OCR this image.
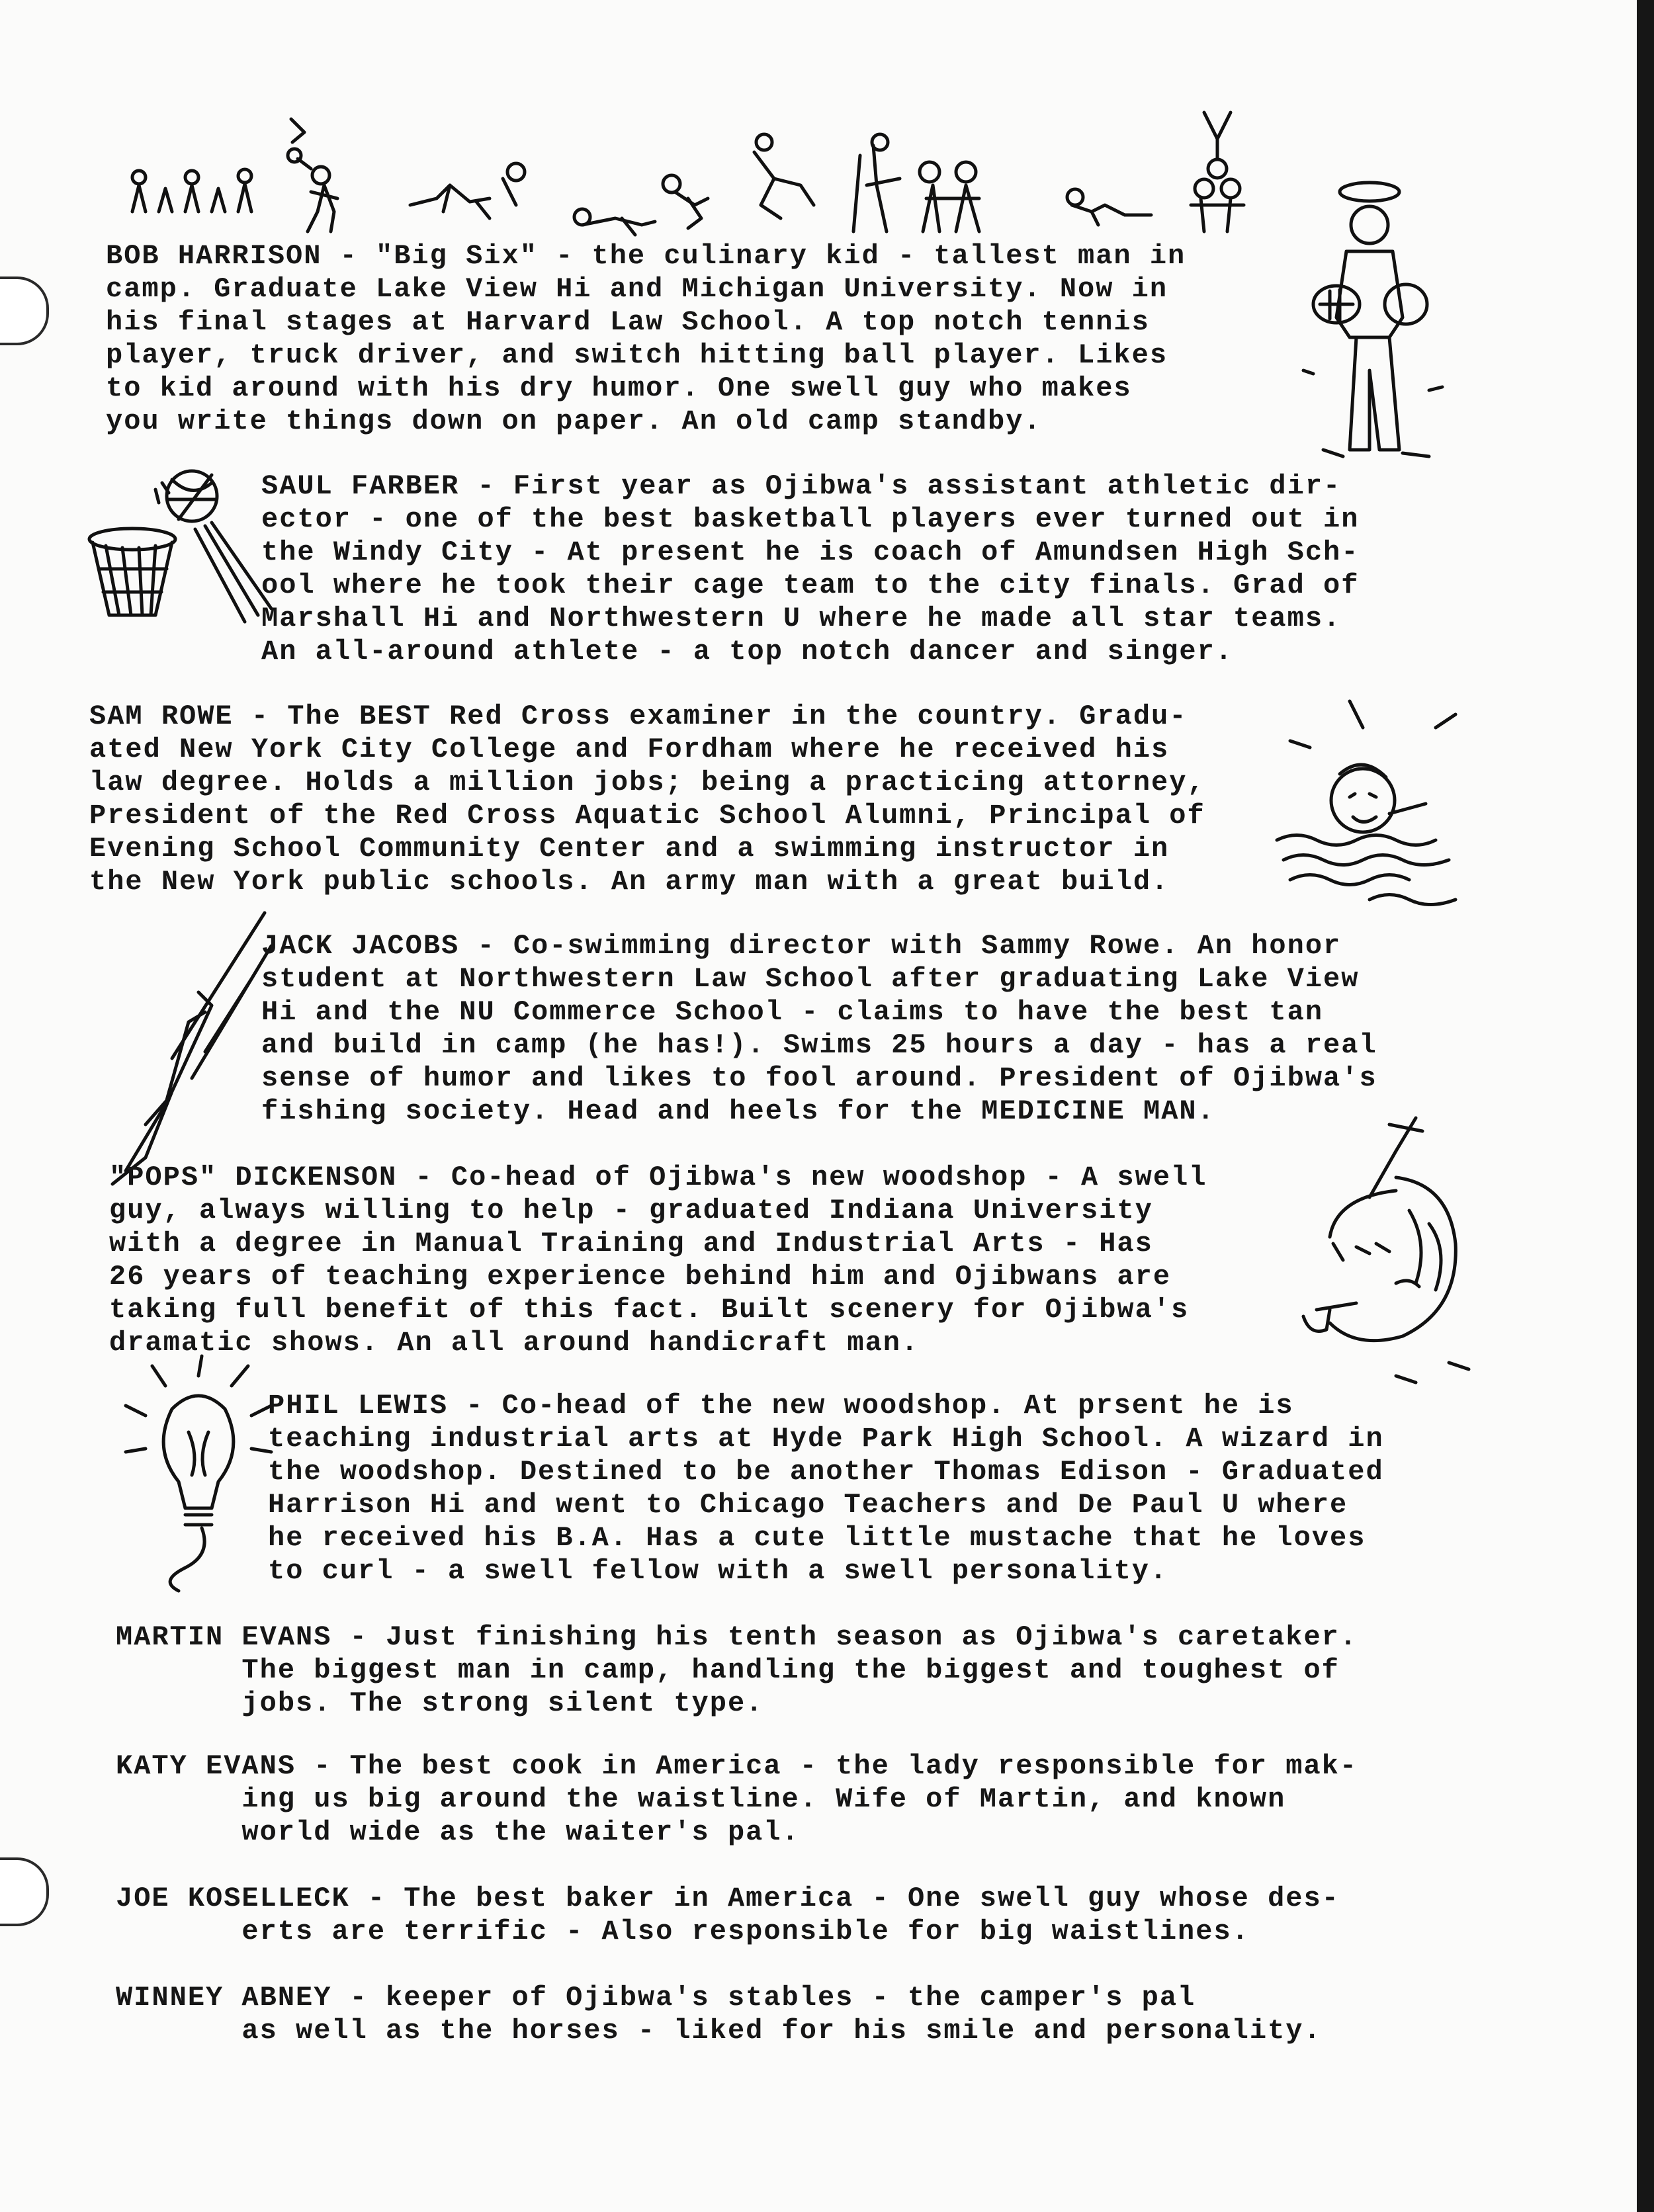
BOB HARRISON - "Big Six" - the culinary kid - tallest man in

camp. Graduate Lake View Hi and Michigan University. Now in

his final stages at Harvard Law School. A top notch tennis

player, truck driver, and switch hitting ball player. Likes

to kid around with his dry humor. One swell guy who makes

you write things down on paper. An old camp standby.

SAUL FARBER - First year as Ojibwa's assistant athletic dir-

ector - one of the best basketball players ever turned out in

the Windy City - At present he is coach of Amundsen High Sch-

ool where he took their cage team to the city finals. Grad of

Marshall Hi and Northwestern U where he made all star teams.

An all-around athlete - a top notch dancer and singer.

SAM ROWE - The BEST Red Cross examiner in the country. Gradu-

ated New York City College and Fordham where he received his

law degree. Holds a million jobs; being a practicing attorney,

President of the Red Cross Aquatic School Alumni, Principal of

Evening School Community Center and a swimming instructor in

the New York public schools. An army man with a great build.

JACK JACOBS - Co-swimming director with Sammy Rowe. An honor

student at Northwestern Law School after graduating Lake View

Hi and the NU Commerce School - claims to have the best tan

and build in camp (he has!). Swims 25 hours a day - has a real

sense of humor and likes to fool around. President of Ojibwa's

fishing society. Head and heels for the MEDICINE MAN.

"POPS" DICKENSON - Co-head of Ojibwa's new woodshop - A swell

guy, always willing to help - graduated Indiana University

with a degree in Manual Training and Industrial Arts - Has

26 years of teaching experience behind him and Ojibwans are

taking full benefit of this fact. Built scenery for Ojibwa's

dramatic shows. An all around handicraft man.

PHIL LEWIS - Co-head of the new woodshop. At prsent he is

teaching industrial arts at Hyde Park High School. A wizard in

the woodshop. Destined to be another Thomas Edison - Graduated

Harrison Hi and went to Chicago Teachers and De Paul U where

he received his B.A. Has a cute little mustache that he loves

to curl - a swell fellow with a swell personality.

MARTIN EVANS - Just finishing his tenth season as Ojibwa's caretaker.

The biggest man in camp, handling the biggest and toughest of

jobs. The strong silent type.

KATY EVANS - The best cook in America - the lady responsible for mak-

ing us big around the waistline. Wife of Martin, and known

world wide as the waiter's pal.

JOE KOSELLECK - The best baker in America - One swell guy whose des-

erts are terrific - Also responsible for big waistlines.

WINNEY ABNEY - keeper of Ojibwa's stables - the camper's pal

as well as the horses - liked for his smile and personality.
